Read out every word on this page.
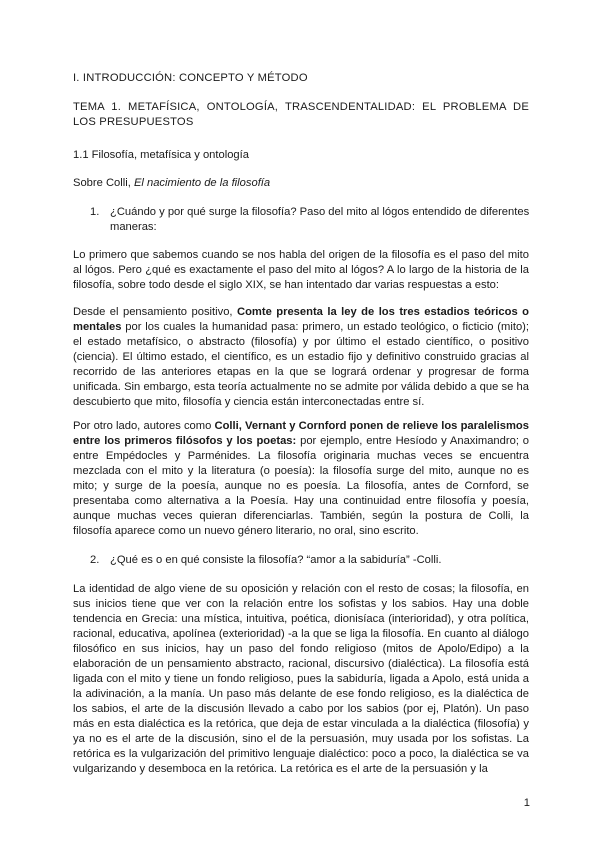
I. INTRODUCCIÓN: CONCEPTO Y MÉTODO

TEMA 1. METAFÍSICA, ONTOLOGÍA, TRASCENDENTALIDAD: EL PROBLEMA DE LOS PRESUPUESTOS

1.1 Filosofía, metafísica y ontología

Sobre Colli, El nacimiento de la filosofía

1. ¿Cuándo y por qué surge la filosofía? Paso del mito al lógos entendido de diferentes maneras:

Lo primero que sabemos cuando se nos habla del origen de la filosofía es el paso del mito al lógos. Pero ¿qué es exactamente el paso del mito al lógos? A lo largo de la historia de la filosofía, sobre todo desde el siglo XIX, se han intentado dar varias respuestas a esto:

Desde el pensamiento positivo, Comte presenta la ley de los tres estadios teóricos o mentales por los cuales la humanidad pasa: primero, un estado teológico, o ficticio (mito); el estado metafísico, o abstracto (filosofía) y por último el estado científico, o positivo (ciencia). El último estado, el científico, es un estadio fijo y definitivo construido gracias al recorrido de las anteriores etapas en la que se logrará ordenar y progresar de forma unificada. Sin embargo, esta teoría actualmente no se admite por válida debido a que se ha descubierto que mito, filosofía y ciencia están interconectadas entre sí.

Por otro lado, autores como Colli, Vernant y Cornford ponen de relieve los paralelismos entre los primeros filósofos y los poetas: por ejemplo, entre Hesíodo y Anaximandro; o entre Empédocles y Parménides. La filosofía originaria muchas veces se encuentra mezclada con el mito y la literatura (o poesía): la filosofía surge del mito, aunque no es mito; y surge de la poesía, aunque no es poesía. La filosofía, antes de Cornford, se presentaba como alternativa a la Poesía. Hay una continuidad entre filosofía y poesía, aunque muchas veces quieran diferenciarlas. También, según la postura de Colli, la filosofía aparece como un nuevo género literario, no oral, sino escrito.

2. ¿Qué es o en qué consiste la filosofía? “amor a la sabiduría” -Colli.

La identidad de algo viene de su oposición y relación con el resto de cosas; la filosofía, en sus inicios tiene que ver con la relación entre los sofistas y los sabios. Hay una doble tendencia en Grecia: una mística, intuitiva, poética, dionisíaca (interioridad), y otra política, racional, educativa, apolínea (exterioridad) -a la que se liga la filosofía. En cuanto al diálogo filosófico en sus inicios, hay un paso del fondo religioso (mitos de Apolo/Edipo) a la elaboración de un pensamiento abstracto, racional, discursivo (dialéctica). La filosofía está ligada con el mito y tiene un fondo religioso, pues la sabiduría, ligada a Apolo, está unida a la adivinación, a la manía. Un paso más delante de ese fondo religioso, es la dialéctica de los sabios, el arte de la discusión llevado a cabo por los sabios (por ej, Platón). Un paso más en esta dialéctica es la retórica, que deja de estar vinculada a la dialéctica (filosofía) y ya no es el arte de la discusión, sino el de la persuasión, muy usada por los sofistas. La retórica es la vulgarización del primitivo lenguaje dialéctico: poco a poco, la dialéctica se va vulgarizando y desemboca en la retórica. La retórica es el arte de la persuasión y la

1
